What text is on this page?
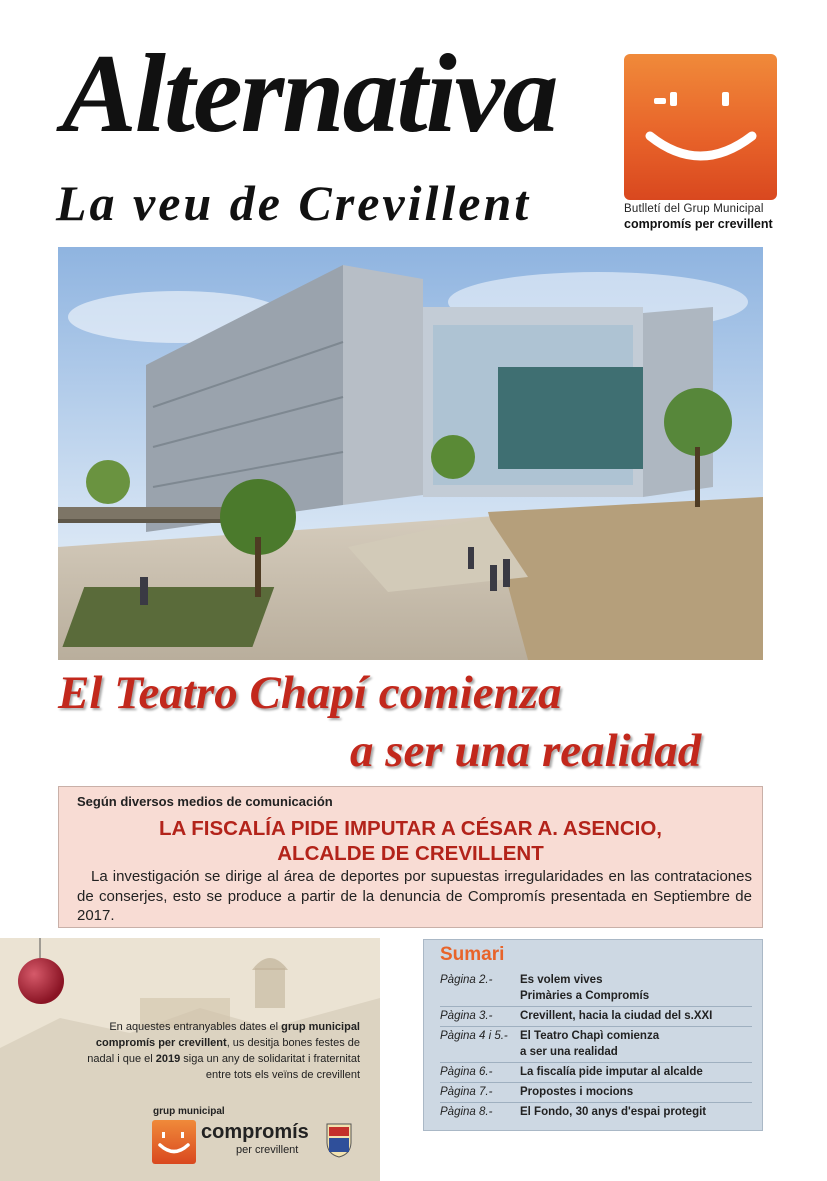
Alternativa
La veu de Crevillent	Butlletí del Grup Municipal
compromís per crevillent
El Teatro Chapí comienza
a ser una realidad
Según diversos medios de comunicación
LA FISCALÍA PIDE IMPUTAR A CÉSAR A. ASENCIO,
ALCALDE DE CREVILLENT
La investigación se dirige al área de deportes por supuestas irregularidades en las contrataciones de conserjes, esto se produce a partir de la denuncia de Compromís presentada en Septiembre de 2017.
En aquestes entranyables dates el grup municipal compromís per crevillent, us desitja bones festes de nadal i que el 2019 siga un any de solidaritat i fraternitat entre tots els veïns de crevillent
grup municipal
compromís
per crevillent
Sumari
Pàgina 2.-	Es volem vives
Primàries a Compromís
Pàgina 3.-	Crevillent, hacia la ciudad del s.XXI
Pàgina 4 i 5.-	El Teatro Chapì comienza
a ser una realidad
Pàgina 6.-	La fiscalía pide imputar al alcalde
Pàgina 7.-	Propostes i mocions
Pàgina 8.-	El Fondo, 30 anys d'espai protegit
